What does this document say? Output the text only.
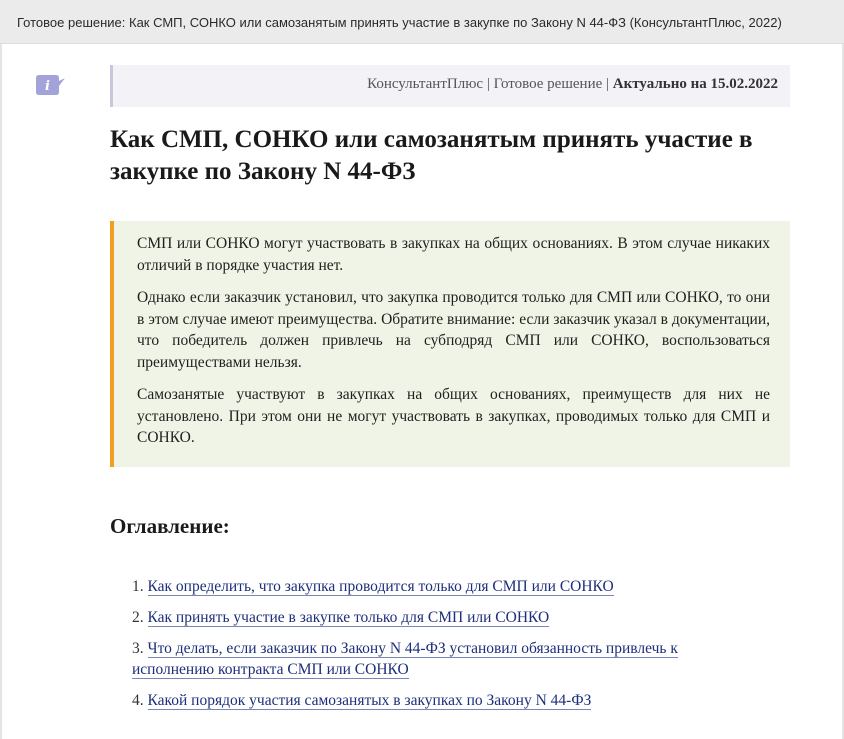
Готовое решение: Как СМП, СОНКО или самозанятым принять участие в закупке по Закону N 44-ФЗ (КонсультантПлюс, 2022)
i	КонсультантПлюс | Готовое решение | Актуально на 15.02.2022
Как СМП, СОНКО или самозанятым принять участие в закупке по Закону N 44-ФЗ

СМП или СОНКО могут участвовать в закупках на общих основаниях. В этом случае никаких отличий в порядке участия нет.

Однако если заказчик установил, что закупка проводится только для СМП или СОНКО, то они в этом случае имеют преимущества. Обратите внимание: если заказчик указал в документации, что победитель должен привлечь на субподряд СМП или СОНКО, воспользоваться преимуществами нельзя.

Самозанятые участвуют в закупках на общих основаниях, преимуществ для них не установлено. При этом они не могут участвовать в закупках, проводимых только для СМП и СОНКО.

Оглавление:
1. Как определить, что закупка проводится только для СМП или СОНКО
2. Как принять участие в закупке только для СМП или СОНКО
3. Что делать, если заказчик по Закону N 44-ФЗ установил обязанность привлечь к исполнению контракта СМП или СОНКО
4. Какой порядок участия самозанятых в закупках по Закону N 44-ФЗ
